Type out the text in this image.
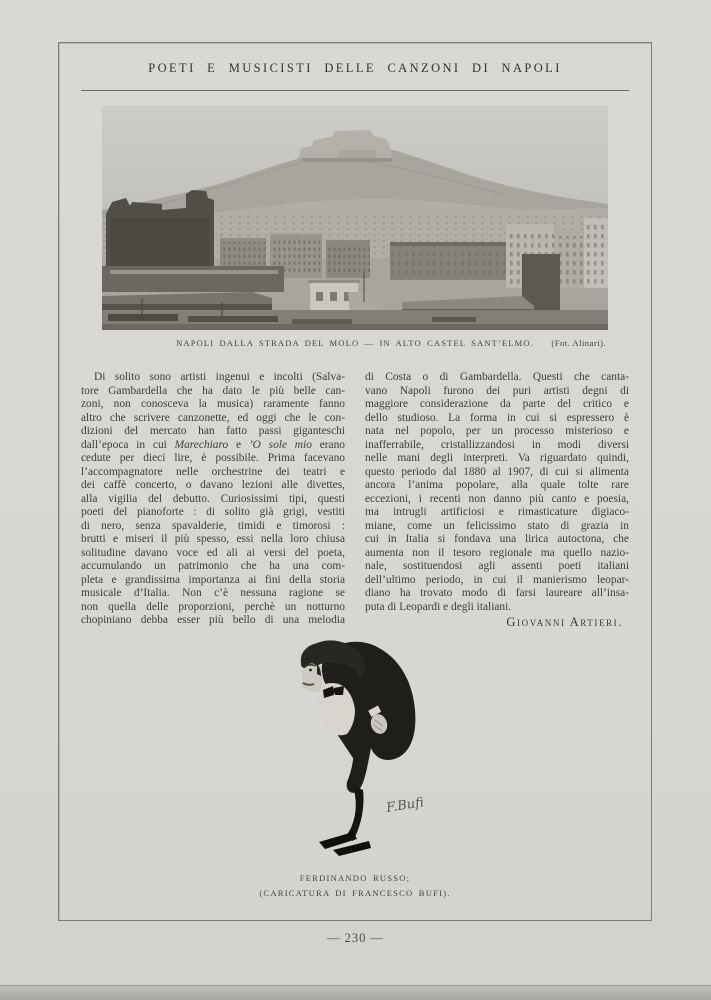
POETI E MUSICISTI DELLE CANZONI DI NAPOLI
NAPOLI DALLA STRADA DEL MOLO — IN ALTO CASTEL SANT’ELMO. (Fot. Alinari).
Di solito sono artisti ingenui e incolti (Salva-
tore Gambardella che ha dato le più belle can-
zoni, non conosceva la musica) raramente fanno
altro che scrivere canzonette, ed oggi che le con-
dizioni del mercato han fatto passi giganteschi
dall’epoca in cui Marechiaro e ’O sole mio erano
cedute per dieci lire, è possibile. Prima facevano
l’accompagnatore nelle orchestrine dei teatri e
dei caffè concerto, o davano lezioni alle divettes,
alla vigilia del debutto. Curiosissimi tipi, questi
poeti del pianoforte : di solito già grigi, vestiti
di nero, senza spavalderie, timidi e timorosi :
brutti e miseri il più spesso, essi nella loro chiusa
solitudine davano voce ed ali ai versi del poeta,
accumulando un patrimonio che ha una com-
pleta e grandissima importanza ai fini della storia
musicale d’Italia. Non c’è nessuna ragione se
non quella delle proporzioni, perchè un notturno
chopiniano debba esser più bello di una melodia
di Costa o di Gambardella. Questi che canta-
vano Napoli furono dei puri artisti degni di
maggiore considerazione da parte del critico e
dello studioso. La forma in cui si espressero è
nata nel popolo, per un processo misterioso e
inafferrabile, cristallizzandosi in modi diversi
nelle mani degli interpreti. Va riguardato quindi,
questo periodo dal 1880 al 1907, di cui si alimenta
ancora l’anima popolare, alla quale tolte rare
eccezioni, i recenti non danno più canto e poesia,
ma intrugli artificiosi e rimasticature digiaco-
miane, come un felicissimo stato di grazia in
cui in Italia si fondava una lirica autoctona, che
aumenta non il tesoro regionale ma quello nazio-
nale, sostituendosi agli assenti poeti italiani
dell’ultimo periodo, in cui il manierismo leopar-
diano ha trovato modo di farsi laureare all’insa-
puta di Leopardi e degli italiani.
Giovanni Artieri.
F.Bufi
FERDINANDO RUSSO;
(CARICATURA DI FRANCESCO BUFI).
— 230 —
